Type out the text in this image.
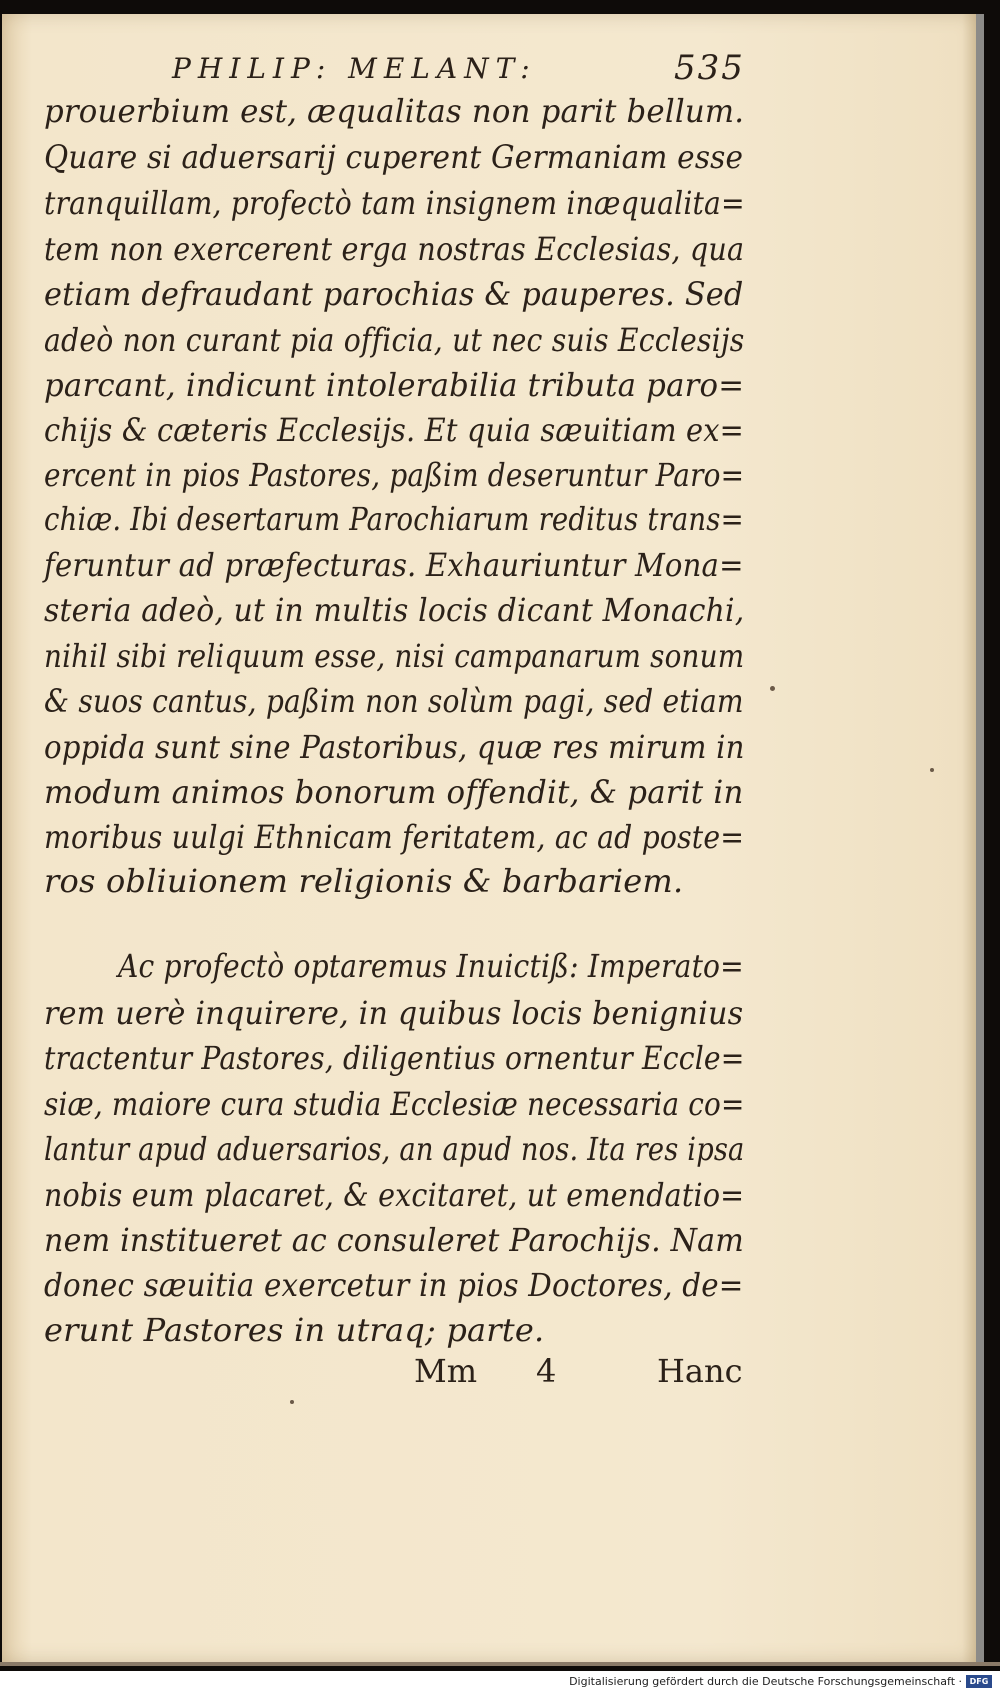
PHILIP: MELANT:	535
prouerbium est, æqualitas non parit bellum.
Quare si aduersarij cuperent Germaniam esse
tranquillam, profectò tam insignem inæqualita=
tem non exercerent erga nostras Ecclesias, qua
etiam defraudant parochias & pauperes. Sed
adeò non curant pia officia, ut nec suis Ecclesijs
parcant, indicunt intolerabilia tributa paro=
chijs & cæteris Ecclesijs. Et quia sæuitiam ex=
ercent in pios Pastores, paßim deseruntur Paro=
chiæ. Ibi desertarum Parochiarum reditus trans=
feruntur ad præfecturas. Exhauriuntur Mona=
steria adeò, ut in multis locis dicant Monachi,
nihil sibi reliquum esse, nisi campanarum sonum
& suos cantus, paßim non solùm pagi, sed etiam
oppida sunt sine Pastoribus, quæ res mirum in
modum animos bonorum offendit, & parit in
moribus uulgi Ethnicam feritatem, ac ad poste=
ros obliuionem religionis & barbariem.
Ac profectò optaremus Inuictiß: Imperato=
rem uerè inquirere, in quibus locis benignius
tractentur Pastores, diligentius ornentur Eccle=
siæ, maiore cura studia Ecclesiæ necessaria co=
lantur apud aduersarios, an apud nos. Ita res ipsa
nobis eum placaret, & excitaret, ut emendatio=
nem institueret ac consuleret Parochijs. Nam
donec sæuitia exercetur in pios Doctores, de=
erunt Pastores in utraq; parte.
Mm 4	Hanc
Digitalisierung gefördert durch die Deutsche Forschungsgemeinschaft · DFG
